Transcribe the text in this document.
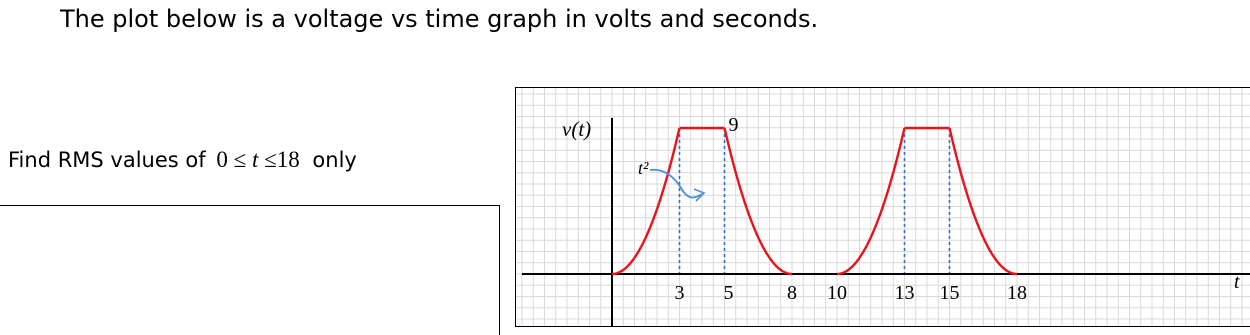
The plot below is a voltage vs time graph in volts and seconds.
Find RMS values of 0 ≤ t ≤18 only
3 5	8 10 13 15 18
v(t)
t
9
t²
